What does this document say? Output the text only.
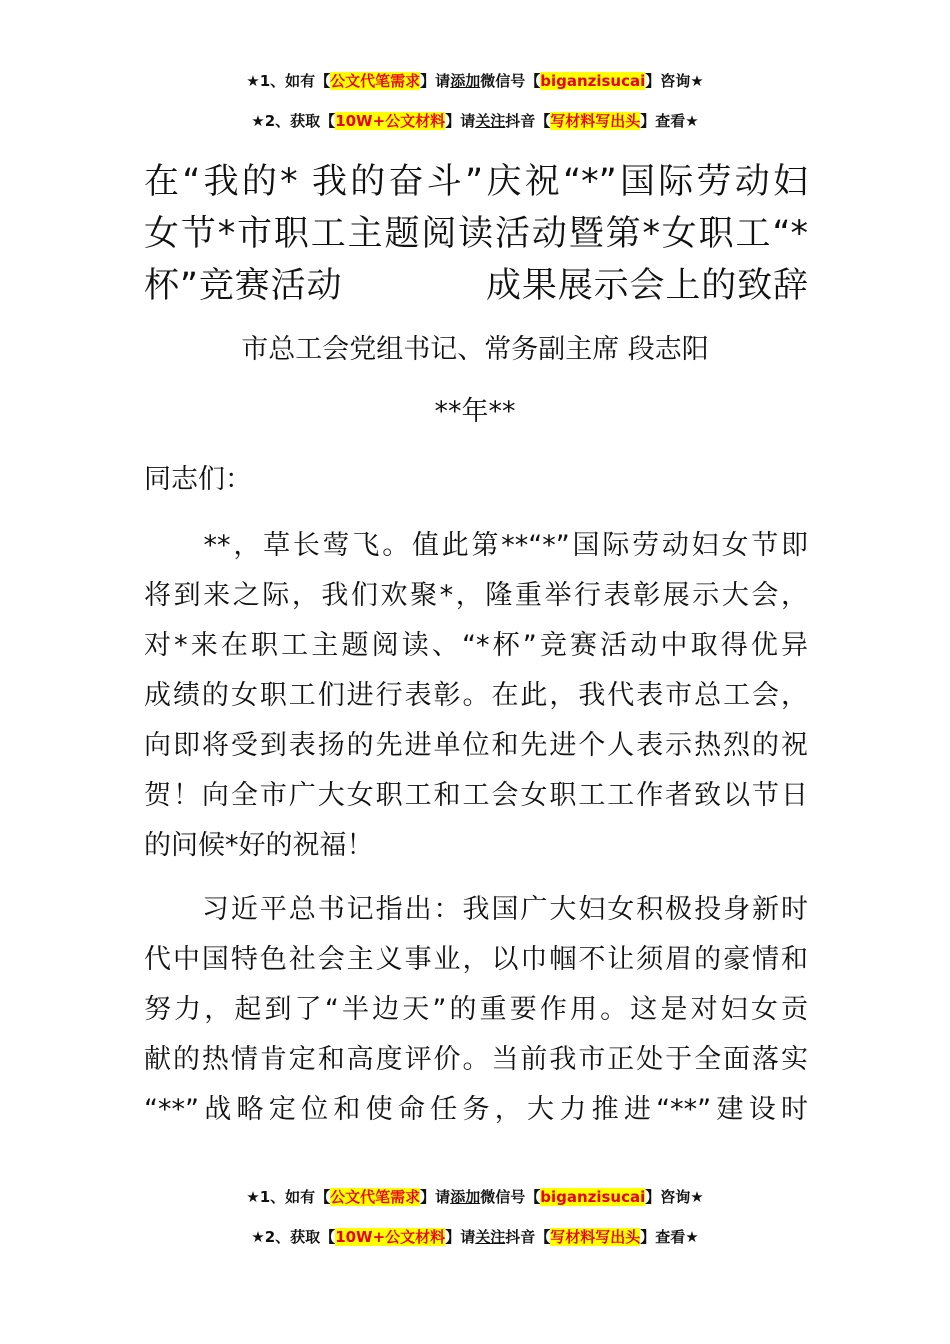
★1、如有【公文代笔需求】请添加微信号【biganzisucai】咨询★
★2、获取【10W+公文材料】请关注抖音【写材料写出头】查看★
在“我的* 我的奋斗”庆祝“*”国际劳动妇
女节*市职工主题阅读活动暨第*女职工“*
杯”竞赛活动　　　　成果展示会上的致辞
市总工会党组书记、常务副主席 段志阳
**年**
同志们：
　　**，草长莺飞。值此第**“*”国际劳动妇女节即
将到来之际，我们欢聚*，隆重举行表彰展示大会，
对*来在职工主题阅读、“*杯”竞赛活动中取得优异
成绩的女职工们进行表彰。在此，我代表市总工会，
向即将受到表扬的先进单位和先进个人表示热烈的祝
贺！向全市广大女职工和工会女职工工作者致以节日
的问候*好的祝福！
　　习近平总书记指出：我国广大妇女积极投身新时
代中国特色社会主义事业，以巾帼不让须眉的豪情和
努力，起到了“半边天”的重要作用。这是对妇女贡
献的热情肯定和高度评价。当前我市正处于全面落实
“**”战略定位和使命任务，大力推进“**”建设时
★1、如有【公文代笔需求】请添加微信号【biganzisucai】咨询★
★2、获取【10W+公文材料】请关注抖音【写材料写出头】查看★
